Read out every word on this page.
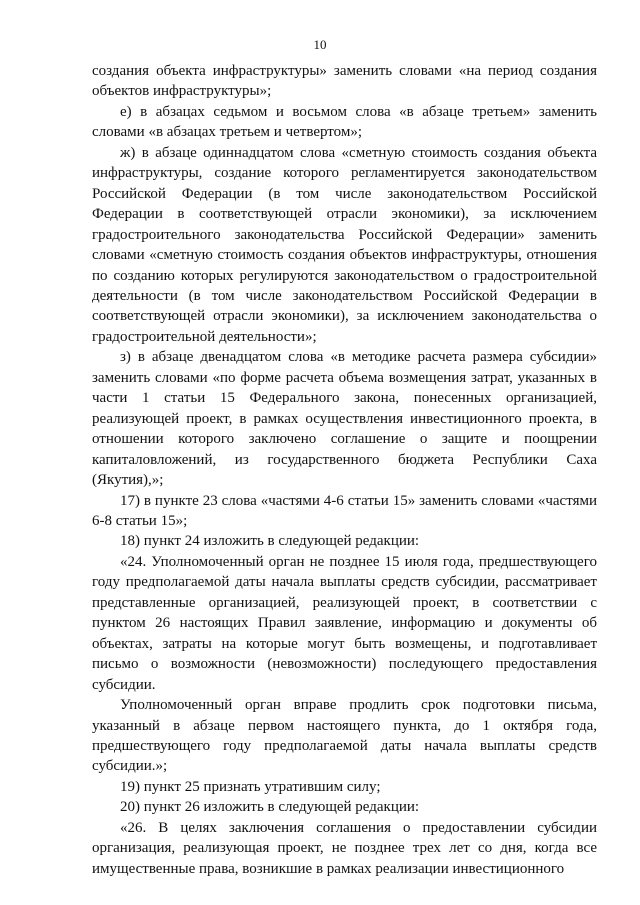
10

создания объекта инфраструктуры» заменить словами «на период создания объектов инфраструктуры»;

е) в абзацах седьмом и восьмом слова «в абзаце третьем» заменить словами «в абзацах третьем и четвертом»;

ж) в абзаце одиннадцатом слова «сметную стоимость создания объекта инфраструктуры, создание которого регламентируется законодательством Российской Федерации (в том числе законодательством Российской Федерации в соответствующей отрасли экономики), за исключением градостроительного законодательства Российской Федерации» заменить словами «сметную стоимость создания объектов инфраструктуры, отношения по созданию которых регулируются законодательством о градостроительной деятельности (в том числе законодательством Российской Федерации в соответствующей отрасли экономики), за исключением законодательства о градостроительной деятельности»;

з) в абзаце двенадцатом слова «в методике расчета размера субсидии» заменить словами «по форме расчета объема возмещения затрат, указанных в части 1 статьи 15 Федерального закона, понесенных организацией, реализующей проект, в рамках осуществления инвестиционного проекта, в отношении которого заключено соглашение о защите и поощрении капиталовложений, из государственного бюджета Республики Саха (Якутия),»;

17) в пункте 23 слова «частями 4-6 статьи 15» заменить словами «частями 6-8 статьи 15»;

18) пункт 24 изложить в следующей редакции:

«24. Уполномоченный орган не позднее 15 июля года, предшествующего году предполагаемой даты начала выплаты средств субсидии, рассматривает представленные организацией, реализующей проект, в соответствии с пунктом 26 настоящих Правил заявление, информацию и документы об объектах, затраты на которые могут быть возмещены, и подготавливает письмо о возможности (невозможности) последующего предоставления субсидии.

Уполномоченный орган вправе продлить срок подготовки письма, указанный в абзаце первом настоящего пункта, до 1 октября года, предшествующего году предполагаемой даты начала выплаты средств субсидии.»;

19) пункт 25 признать утратившим силу;

20) пункт 26 изложить в следующей редакции:

«26. В целях заключения соглашения о предоставлении субсидии организация, реализующая проект, не позднее трех лет со дня, когда все имущественные права, возникшие в рамках реализации инвестиционного
